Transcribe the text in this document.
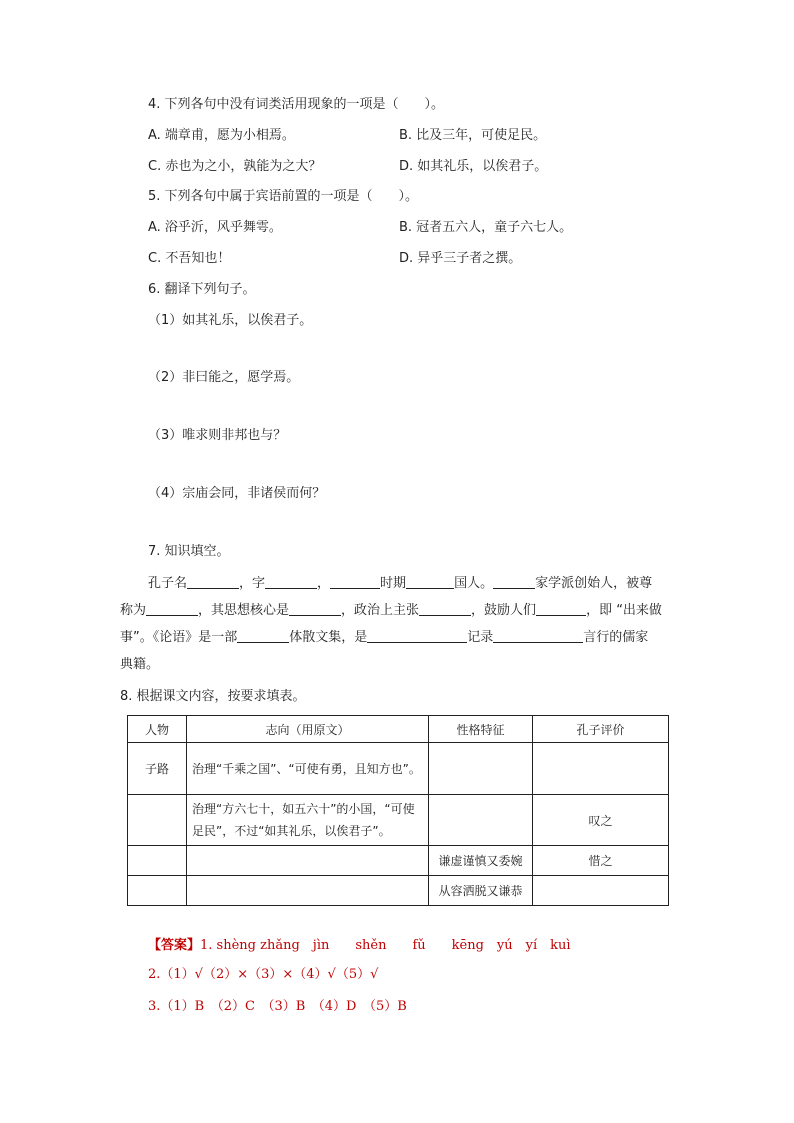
4. 下列各句中没有词类活用现象的一项是（　　）。
A. 端章甫，愿为小相焉。	B. 比及三年，可使足民。
C. 赤也为之小，孰能为之大？	D. 如其礼乐，以俟君子。
5. 下列各句中属于宾语前置的一项是（　　）。
A. 浴乎沂，风乎舞雩。	B. 冠者五六人，童子六七人。
C. 不吾知也！	D. 异乎三子者之撰。
6. 翻译下列句子。
（1）如其礼乐，以俟君子。
（2）非曰能之，愿学焉。
（3）唯求则非邦也与？
（4）宗庙会同，非诸侯而何？
7. 知识填空。
孔子名	，字	，	时期	国人。	家学派创始人，被尊
称为	，其思想核心是	，政治上主张	，鼓励人们	，即 “出来做
事”。《论语》是一部	体散文集，是	记录	言行的儒家
典籍。
8. 根据课文内容，按要求填表。
人物	志向（用原文）	性格特征	孔子评价
子路	治理“千乘之国”、“可使有勇，且知方也”。		
	治理“方六七十，如五六十”的小国，“可使足民”，不过“如其礼乐，以俟君子”。		叹之
		谦虚谨慎又委婉	惜之
		从容洒脱又谦恭	
【答案】1. shèng zhǎng　jìn　　shěn　　fǔ　　kēng　yú　yí　kuì
2.（1）√（2）×（3）×（4）√（5）√
3.（1）B　（2）C　（3）B　（4）D　（5）B
